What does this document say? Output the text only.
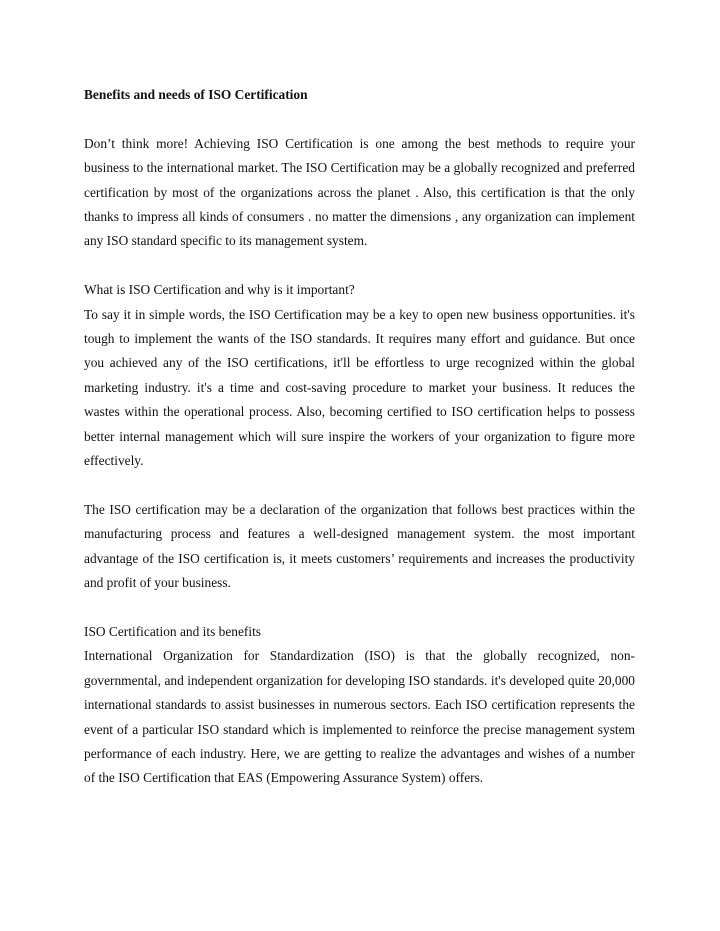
Benefits and needs of ISO Certification

Don’t think more! Achieving ISO Certification is one among the best methods to require your business to the international market. The ISO Certification may be a globally recognized and preferred certification by most of the organizations across the planet . Also, this certification is that the only thanks to impress all kinds of consumers . no matter the dimensions , any organization can implement any ISO standard specific to its management system.

What is ISO Certification and why is it important?

To say it in simple words, the ISO Certification may be a key to open new business opportunities. it's tough to implement the wants of the ISO standards. It requires many effort and guidance. But once you achieved any of the ISO certifications, it'll be effortless to urge recognized within the global marketing industry. it's a time and cost-saving procedure to market your business. It reduces the wastes within the operational process. Also, becoming certified to ISO certification helps to possess better internal management which will sure inspire the workers of your organization to figure more effectively.

The ISO certification may be a declaration of the organization that follows best practices within the manufacturing process and features a well-designed management system. the most important advantage of the ISO certification is, it meets customers’ requirements and increases the productivity and profit of your business.

ISO Certification and its benefits

International Organization for Standardization (ISO) is that the globally recognized, non-governmental, and independent organization for developing ISO standards. it's developed quite 20,000 international standards to assist businesses in numerous sectors. Each ISO certification represents the event of a particular ISO standard which is implemented to reinforce the precise management system performance of each industry. Here, we are getting to realize the advantages and wishes of a number of the ISO Certification that EAS (Empowering Assurance System) offers.
